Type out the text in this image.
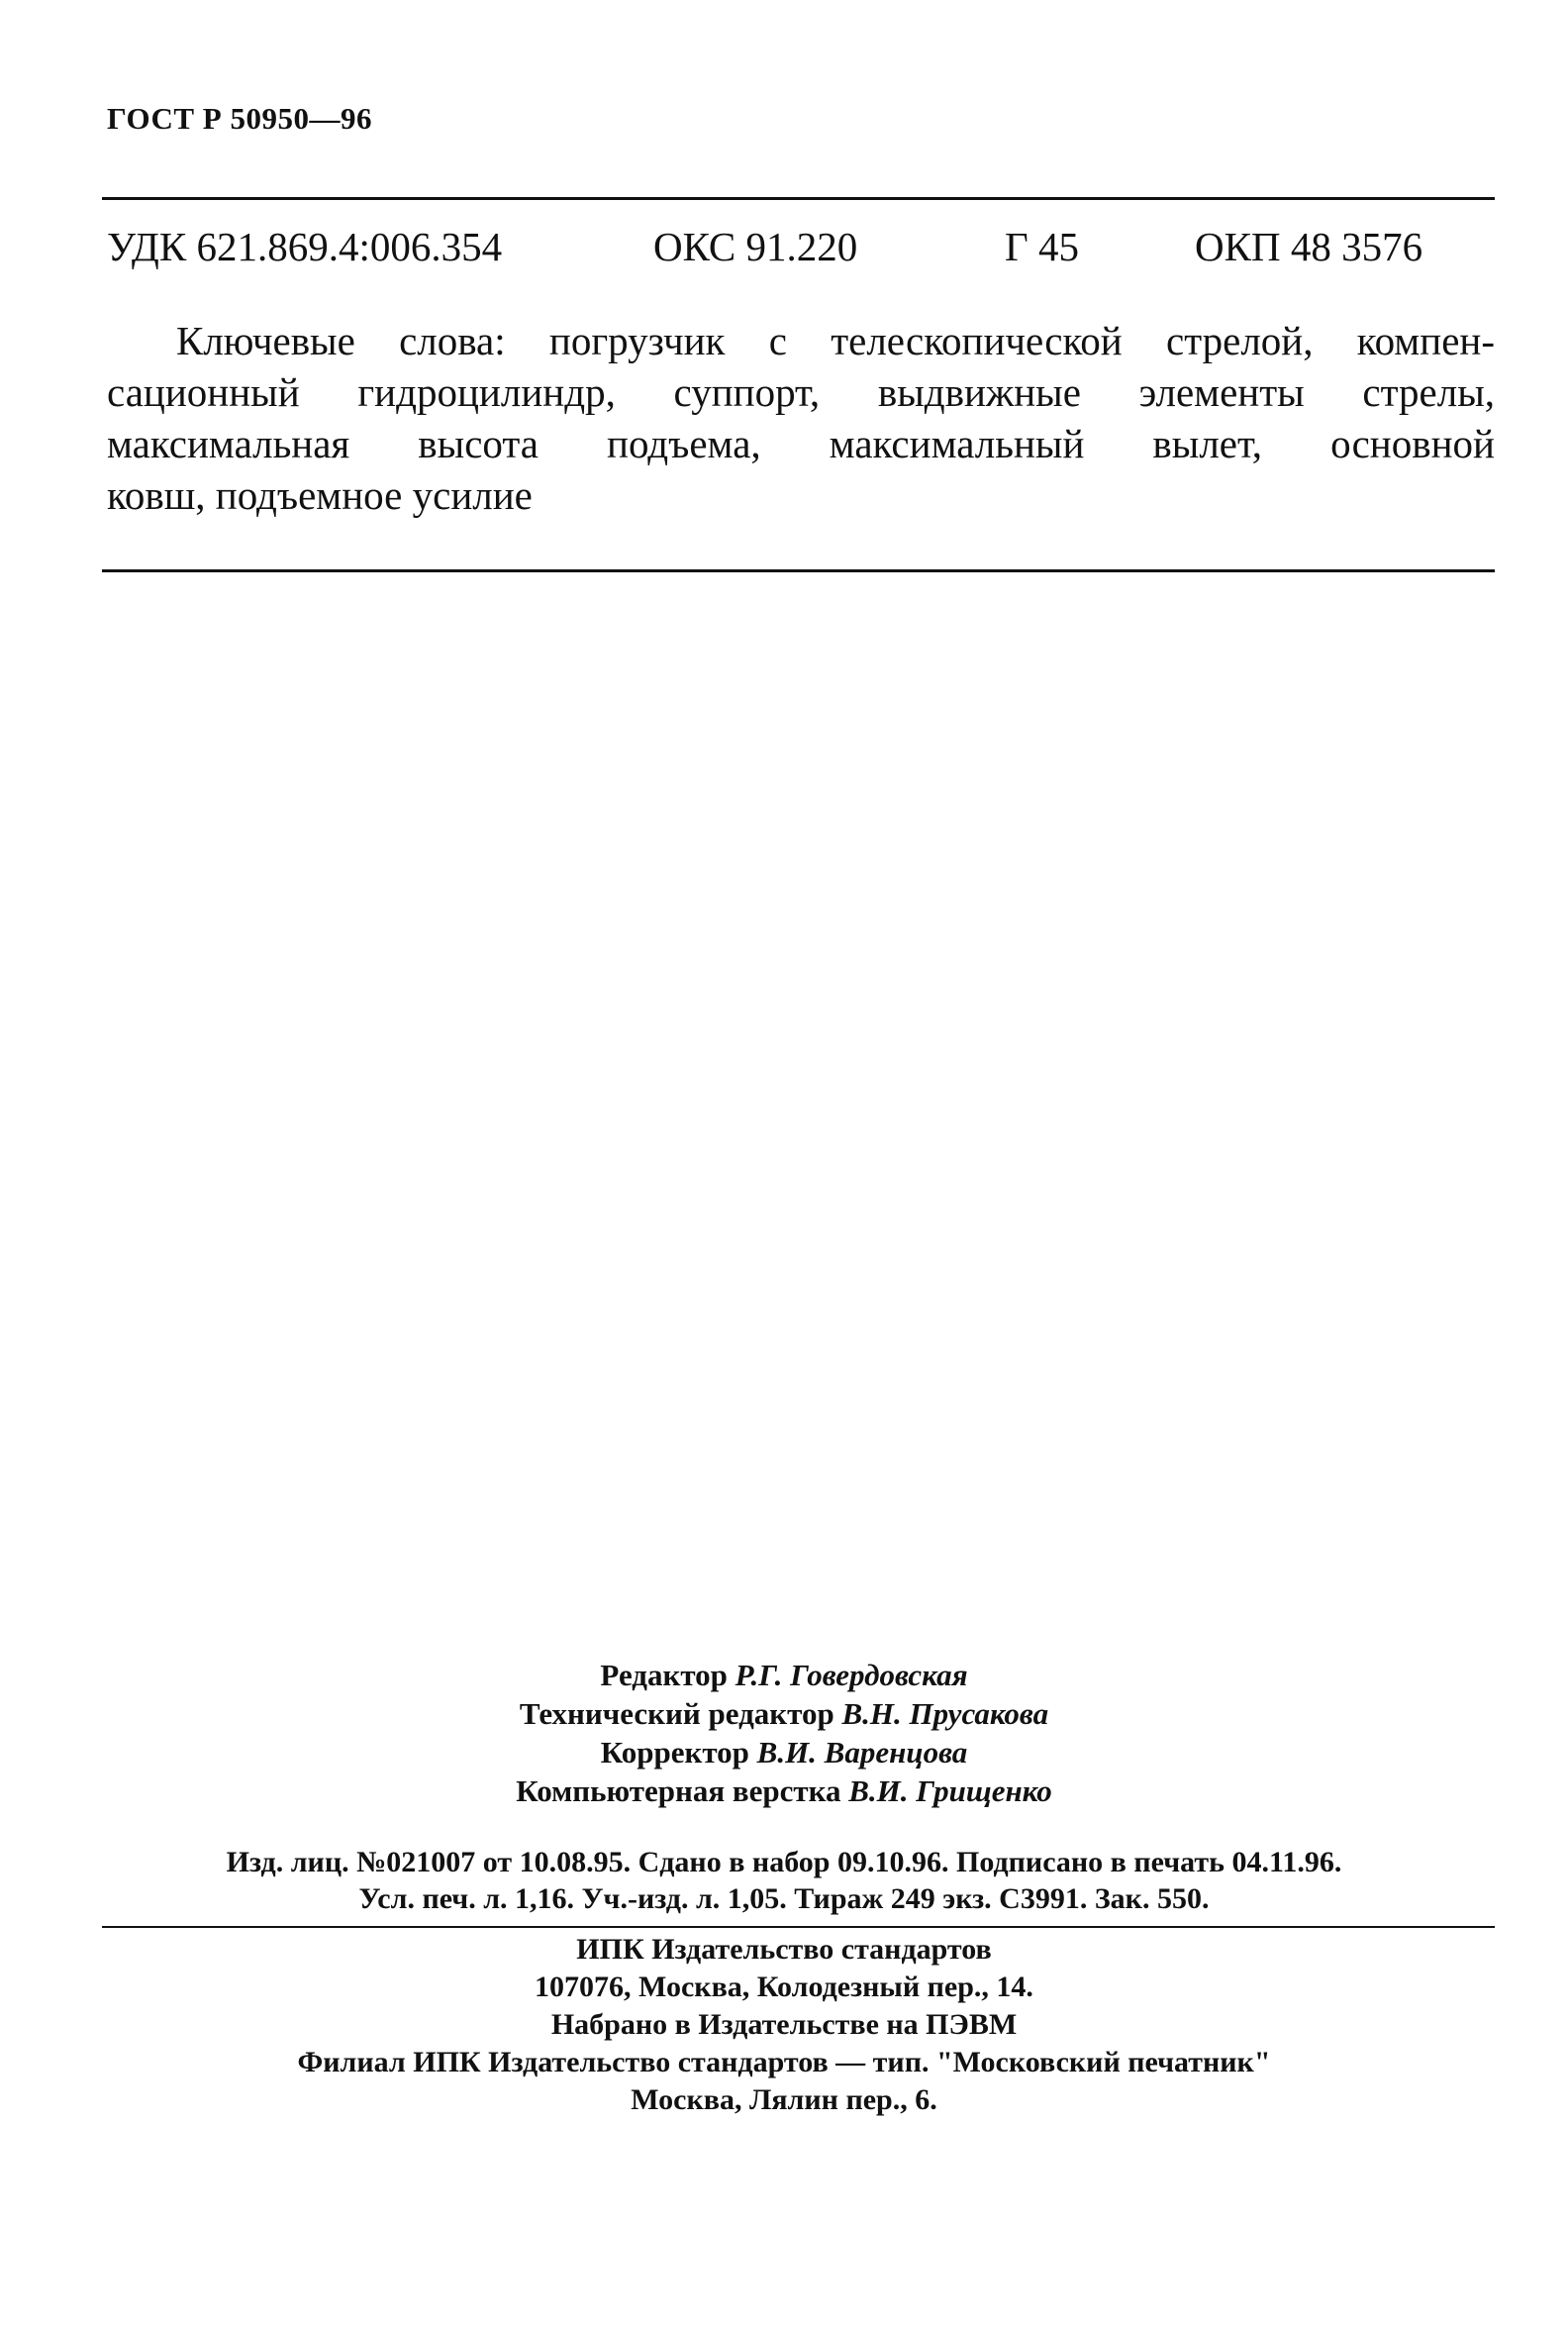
ГОСТ Р 50950—96
УДК 621.869.4:006.354	ОКС 91.220	Г 45	ОКП 48 3576
Ключевые слова: погрузчик с телескопической стрелой, компен-
сационный гидроцилиндр, суппорт, выдвижные элементы стрелы,
максимальная высота подъема, максимальный вылет, основной
ковш, подъемное усилие
Редактор Р.Г. Говердовская
Технический редактор В.Н. Прусакова
Корректор В.И. Варенцова
Компьютерная верстка В.И. Грищенко
Изд. лиц. №021007 от 10.08.95. Сдано в набор 09.10.96. Подписано в печать 04.11.96.
Усл. печ. л. 1,16. Уч.-изд. л. 1,05. Тираж 249 экз. С3991. Зак. 550.
ИПК Издательство стандартов
107076, Москва, Колодезный пер., 14.
Набрано в Издательстве на ПЭВМ
Филиал ИПК Издательство стандартов — тип. "Московский печатник"
Москва, Лялин пер., 6.
